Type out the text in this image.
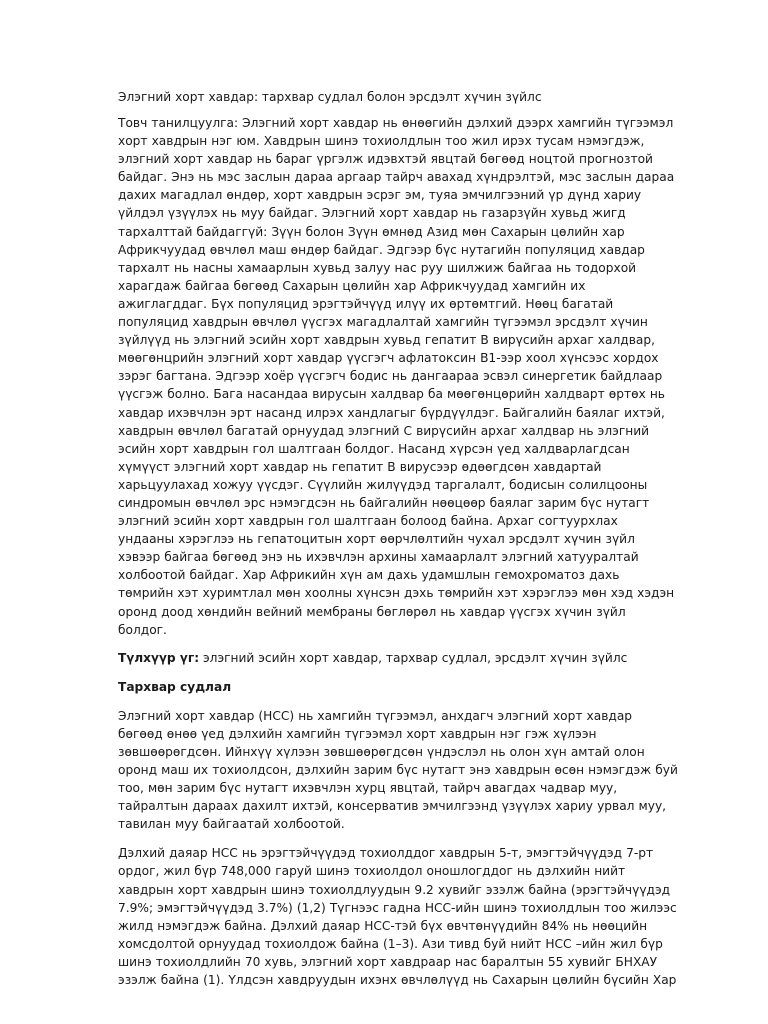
Элэгний хорт хавдар: тархвар судлал болон эрсдэлт хүчин зүйлс

Товч танилцуулга: Элэгний хорт хавдар нь өнөөгийн дэлхий дээрх хамгийн түгээмэл хорт хавдрын нэг юм. Хавдрын шинэ тохиолдлын тоо жил ирэх тусам нэмэгдэж, элэгний хорт хавдар нь бараг үргэлж идэвхтэй явцтай бөгөөд ноцтой прогнозтой байдаг. Энэ нь мэс заслын дараа аргаар тайрч авахад хүндрэлтэй, мэс заслын дараа дахих магадлал өндөр, хорт хавдрын эсрэг эм, туяа эмчилгээний үр дүнд хариу үйлдэл үзүүлэх нь муу байдаг. Элэгний хорт хавдар нь газарзүйн хувьд жигд тархалттай байдаггүй: Зүүн болон Зүүн өмнөд Азид мөн Сахарын цөлийн хар Африкчуудад өвчлөл маш өндөр байдаг. Эдгээр бүс нутагийн популяцид хавдар тархалт нь насны хамаарлын хувьд залуу нас руу шилжиж байгаа нь тодорхой харагдаж байгаа бөгөөд Сахарын цөлийн хар Африкчуудад хамгийн их ажиглагддаг. Бүх популяцид эрэгтэйчүүд илүү их өртөмтгий. Нөөц багатай популяцид хавдрын өвчлөл үүсгэх магадлалтай хамгийн түгээмэл эрсдэлт хүчин зүйлүүд нь элэгний эсийн хорт хавдрын хувьд гепатит В вирүсийн архаг халдвар, мөөгөнцрийн элэгний хорт хавдар үүсгэгч афлатоксин В1-ээр хоол хүнсээс хордох зэрэг багтана. Эдгээр хоёр үүсгэгч бодис нь дангаараа эсвэл синергетик байдлаар үүсгэж болно. Бага насандаа вирусын халдвар ба мөөгөнцөрийн халдварт өртөх нь хавдар ихэвчлэн эрт насанд илрэх хандлагыг бүрдүүлдэг. Байгалийн баялаг ихтэй, хавдрын өвчлөл багатай орнуудад элэгний С вирүсийн архаг халдвар нь элэгний эсийн хорт хавдрын гол шалтгаан болдог. Насанд хүрсэн үед халдварлагдсан хүмүүст элэгний хорт хавдар нь гепатит В вирусээр өдөөгдсөн хавдартай харьцуулахад хожуу үүсдэг. Сүүлийн жилүүдэд таргалалт, бодисын солилцооны синдромын өвчлөл эрс нэмэгдсэн нь байгалийн нөөцөөр баялаг зарим бүс нутагт элэгний эсийн хорт хавдрын гол шалтгаан болоод байна. Архаг согтуурхлах ундааны хэрэглээ нь гепатоцитын хорт өөрчлөлтийн чухал эрсдэлт хүчин зүйл хэвээр байгаа бөгөөд энэ нь ихэвчлэн архины хамаарлалт элэгний хатууралтай холбоотой байдаг. Хар Африкийн хүн ам дахь удамшлын гемохроматоз дахь төмрийн хэт хуримтлал мөн хоолны хүнсэн дэхь төмрийн хэт хэрэглээ мөн хэд хэдэн оронд доод хөндийн вейний мембраны бөглөрөл нь хавдар үүсгэх хүчин зүйл болдог.

Түлхүүр үг: элэгний эсийн хорт хавдар, тархвар судлал, эрсдэлт хүчин зүйлс

Тархвар судлал

Элэгний хорт хавдар (HCC) нь хамгийн түгээмэл, анхдагч элэгний хорт хавдар бөгөөд өнөө үед дэлхийн хамгийн түгээмэл хорт хавдрын нэг гэж хүлээн зөвшөөрөгдсөн. Ийнхүү хүлээн зөвшөөрөгдсөн үндэслэл нь олон хүн амтай олон оронд маш их тохиолдсон, дэлхийн зарим бүс нутагт энэ хавдрын өсөн нэмэгдэж буй тоо, мөн зарим бүс нутагт ихэвчлэн хурц явцтай, тайрч авагдах чадвар муу, тайралтын дараах дахилт ихтэй, консерватив эмчилгээнд үзүүлэх хариу урвал муу, тавилан муу байгаатай холбоотой.

Дэлхий даяар HCC нь эрэгтэйчүүдэд тохиолддог хавдрын 5-т, эмэгтэйчүүдэд 7-рт ордог, жил бүр 748,000 гаруй шинэ тохиолдол оношлогддог нь дэлхийн нийт хавдрын хорт хавдрын шинэ тохиолдлуудын 9.2 хувийг эзэлж байна (эрэгтэйчүүдэд 7.9%; эмэгтэйчүүдэд 3.7%) (1,2) Түгнээс гадна HCC-ийн шинэ тохиолдлын тоо жилээс жилд нэмэгдэж байна. Дэлхий даяар HCC-тэй бүх өвчтөнүүдийн 84% нь нөөцийн хомсдолтой орнуудад тохиолдож байна (1–3). Ази тивд буй нийт HCC –ийн жил бүр шинэ тохиолдлийн 70 хувь, элэгний хорт хавдраар нас баралтын 55 хувийг БНХАУ эзэлж байна (1). Үлдсэн хавдруудын ихэнх өвчлөлүүд нь Сахарын цөлийн бүсийн Хар
